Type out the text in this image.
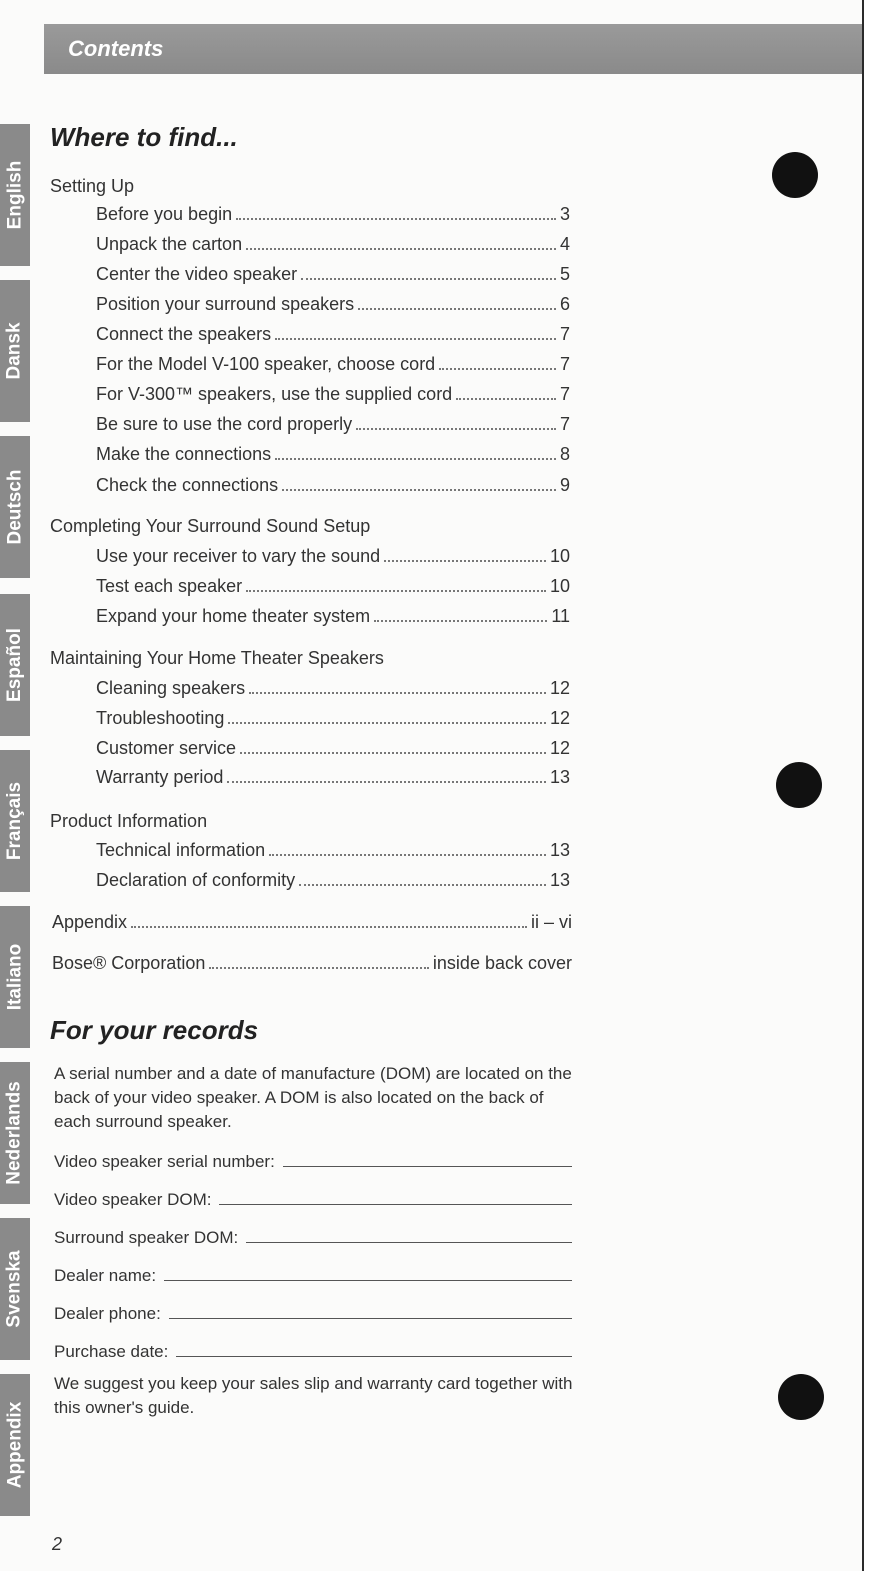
Contents
English
Dansk
Deutsch
Español
Français
Italiano
Nederlands
Svenska
Appendix
Where to find...
Setting Up
Before you begin	3
Unpack the carton	4
Center the video speaker	5
Position your surround speakers	6
Connect the speakers	7
For the Model V-100 speaker, choose cord	7
For V-300™ speakers, use the supplied cord	7
Be sure to use the cord properly	7
Make the connections	8
Check the connections	9
Completing Your Surround Sound Setup
Use your receiver to vary the sound	10
Test each speaker	10
Expand your home theater system	11
Maintaining Your Home Theater Speakers
Cleaning speakers	12
Troubleshooting	12
Customer service	12
Warranty period	13
Product Information
Technical information	13
Declaration of conformity	13
Appendix	ii – vi
Bose® Corporation	inside back cover
For your records
A serial number and a date of manufacture (DOM) are located on the back of your video speaker. A DOM is also located on the back of each surround speaker.
Video speaker serial number:
Video speaker DOM:
Surround speaker DOM:
Dealer name:
Dealer phone:
Purchase date:
We suggest you keep your sales slip and warranty card together with this owner's guide.
2
